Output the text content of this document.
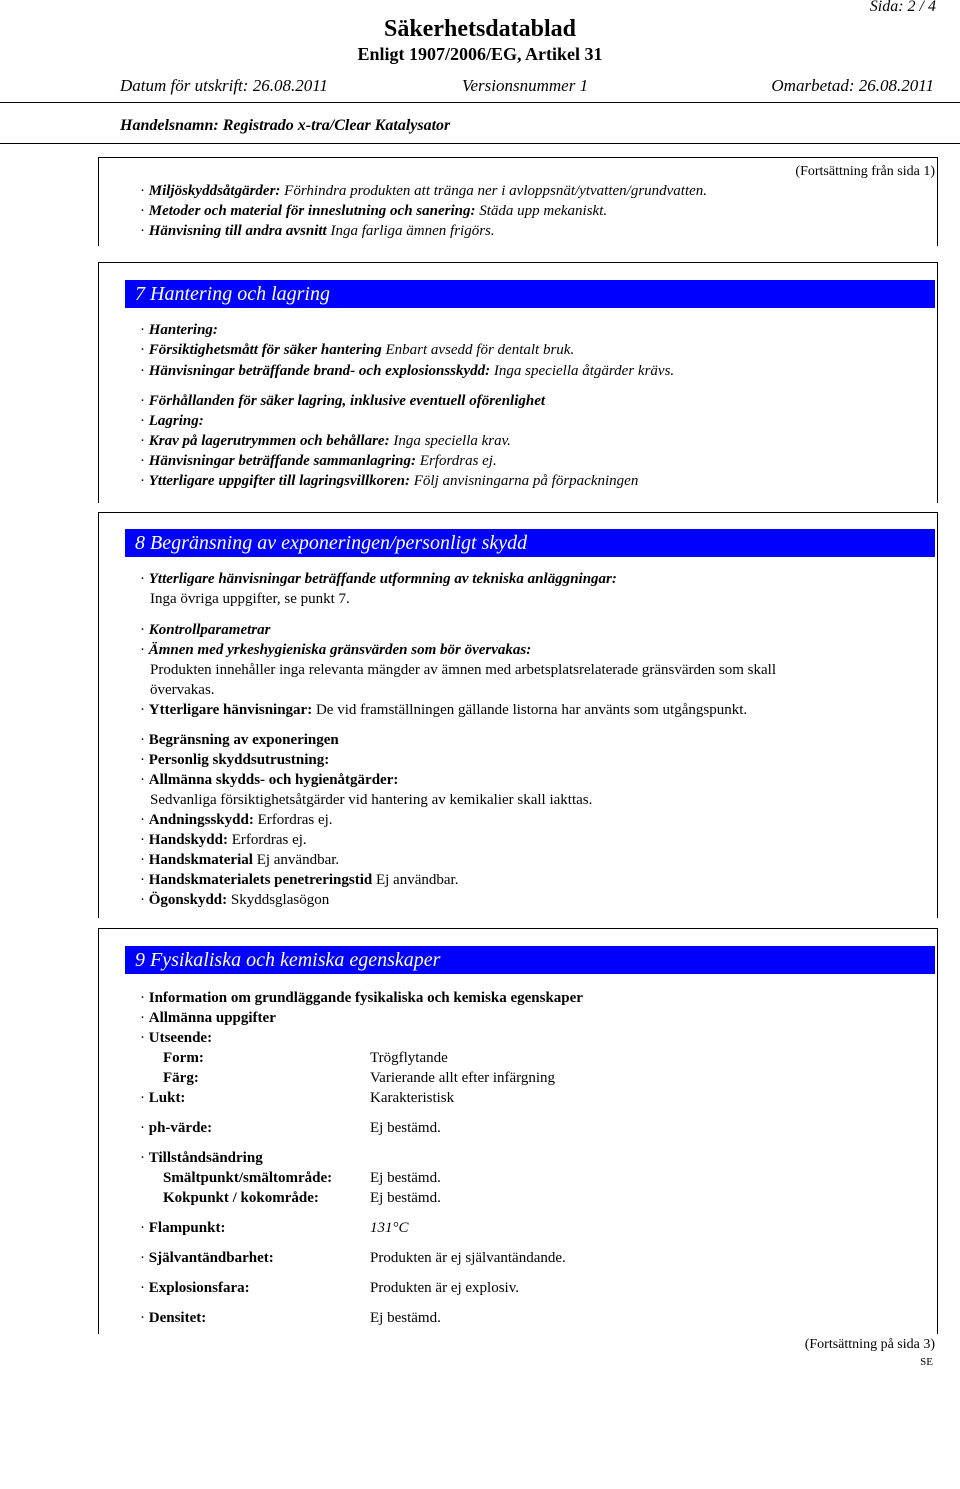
Sida: 2 / 4
Säkerhetsdatablad
Enligt 1907/2006/EG, Artikel 31
Datum för utskrift: 26.08.2011	Versionsnummer 1	Omarbetad: 26.08.2011
Handelsnamn: Registrado x-tra/Clear Katalysator
(Fortsättning från sida 1)
· Miljöskyddsåtgärder: Förhindra produkten att tränga ner i avloppsnät/ytvatten/grundvatten.
· Metoder och material för inneslutning och sanering: Städa upp mekaniskt.
· Hänvisning till andra avsnitt Inga farliga ämnen frigörs.
7 Hantering och lagring
· Hantering:
· Försiktighetsmått för säker hantering Enbart avsedd för dentalt bruk.
· Hänvisningar beträffande brand- och explosionsskydd: Inga speciella åtgärder krävs.
· Förhållanden för säker lagring, inklusive eventuell oförenlighet
· Lagring:
· Krav på lagerutrymmen och behållare: Inga speciella krav.
· Hänvisningar beträffande sammanlagring: Erfordras ej.
· Ytterligare uppgifter till lagringsvillkoren: Följ anvisningarna på förpackningen
8 Begränsning av exponeringen/personligt skydd
· Ytterligare hänvisningar beträffande utformning av tekniska anläggningar:
Inga övriga uppgifter, se punkt 7.
· Kontrollparametrar
· Ämnen med yrkeshygieniska gränsvärden som bör övervakas:
Produkten innehåller inga relevanta mängder av ämnen med arbetsplatsrelaterade gränsvärden som skall
övervakas.
· Ytterligare hänvisningar: De vid framställningen gällande listorna har använts som utgångspunkt.
· Begränsning av exponeringen
· Personlig skyddsutrustning:
· Allmänna skydds- och hygienåtgärder:
Sedvanliga försiktighetsåtgärder vid hantering av kemikalier skall iakttas.
· Andningsskydd: Erfordras ej.
· Handskydd: Erfordras ej.
· Handskmaterial Ej användbar.
· Handskmaterialets penetreringstid Ej användbar.
· Ögonskydd: Skyddsglasögon
9 Fysikaliska och kemiska egenskaper
· Information om grundläggande fysikaliska och kemiska egenskaper
· Allmänna uppgifter
· Utseende:
Form:	Trögflytande
Färg:	Varierande allt efter infärgning
· Lukt:	Karakteristisk
· ph-värde:	Ej bestämd.
· Tillståndsändring
Smältpunkt/smältområde:	Ej bestämd.
Kokpunkt / kokområde:	Ej bestämd.
· Flampunkt:	131°C
· Självantändbarhet:	Produkten är ej självantändande.
· Explosionsfara:	Produkten är ej explosiv.
· Densitet:	Ej bestämd.
(Fortsättning på sida 3)
SE
